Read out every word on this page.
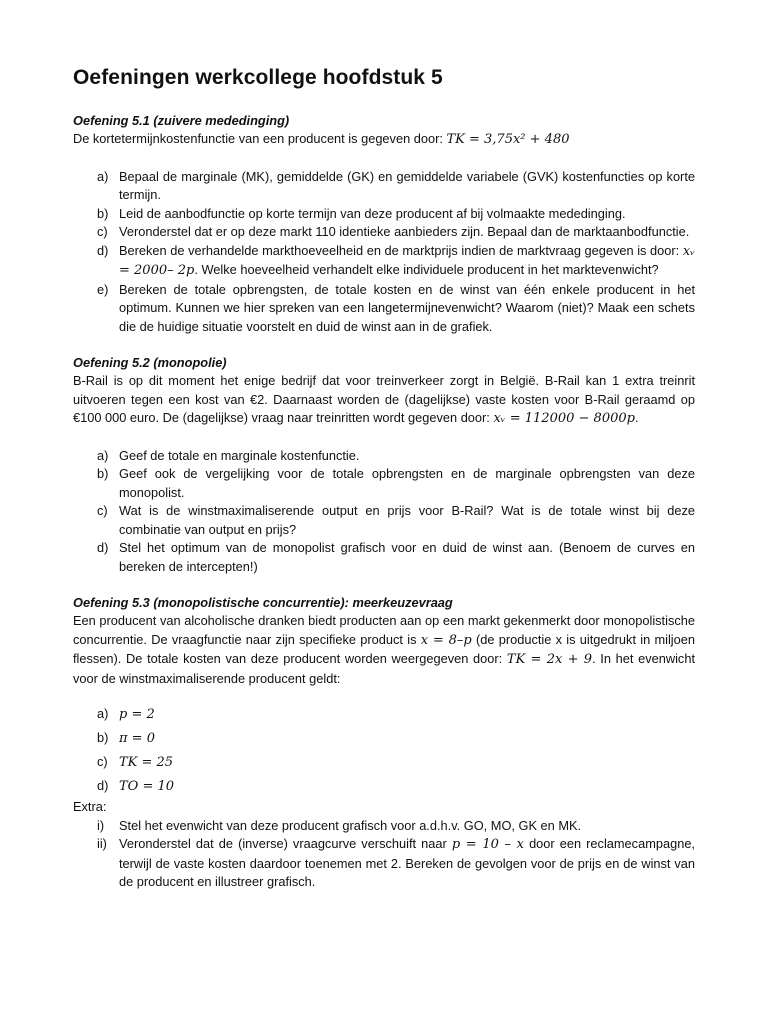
Oefeningen werkcollege hoofdstuk 5
Oefening 5.1 (zuivere mededinging)

De kortetermijnkostenfunctie van een producent is gegeven door: TK = 3,75x² + 480

a) Bepaal de marginale (MK), gemiddelde (GK) en gemiddelde variabele (GVK) kostenfuncties op korte termijn.
b) Leid de aanbodfunctie op korte termijn van deze producent af bij volmaakte mededinging.
c) Veronderstel dat er op deze markt 110 identieke aanbieders zijn. Bepaal dan de marktaanbodfunctie.
d) Bereken de verhandelde markthoeveelheid en de marktprijs indien de marktvraag gegeven is door: xᵥ = 2000– 2p. Welke hoeveelheid verhandelt elke individuele producent in het marktevenwicht?
e) Bereken de totale opbrengsten, de totale kosten en de winst van één enkele producent in het optimum. Kunnen we hier spreken van een langetermijnevenwicht? Waarom (niet)? Maak een schets die de huidige situatie voorstelt en duid de winst aan in de grafiek.
Oefening 5.2 (monopolie)

B-Rail is op dit moment het enige bedrijf dat voor treinverkeer zorgt in België. B-Rail kan 1 extra treinrit uitvoeren tegen een kost van €2. Daarnaast worden de (dagelijkse) vaste kosten voor B-Rail geraamd op €100 000 euro. De (dagelijkse) vraag naar treinritten wordt gegeven door: xᵥ = 112000 − 8000p.

a) Geef de totale en marginale kostenfunctie.
b) Geef ook de vergelijking voor de totale opbrengsten en de marginale opbrengsten van deze monopolist.
c) Wat is de winstmaximaliserende output en prijs voor B-Rail? Wat is de totale winst bij deze combinatie van output en prijs?
d) Stel het optimum van de monopolist grafisch voor en duid de winst aan. (Benoem de curves en bereken de intercepten!)
Oefening 5.3 (monopolistische concurrentie): meerkeuzevraag

Een producent van alcoholische dranken biedt producten aan op een markt gekenmerkt door monopolistische concurrentie. De vraagfunctie naar zijn specifieke product is x = 8–p (de productie x is uitgedrukt in miljoen flessen). De totale kosten van deze producent worden weergegeven door: TK = 2x + 9. In het evenwicht voor de winstmaximaliserende producent geldt:

a) p = 2
b) π = 0
c) TK = 25
d) TO = 10

Extra:

i) Stel het evenwicht van deze producent grafisch voor a.d.h.v. GO, MO, GK en MK.
ii) Veronderstel dat de (inverse) vraagcurve verschuift naar p = 10 – x door een reclamecampagne, terwijl de vaste kosten daardoor toenemen met 2. Bereken de gevolgen voor de prijs en de winst van de producent en illustreer grafisch.
